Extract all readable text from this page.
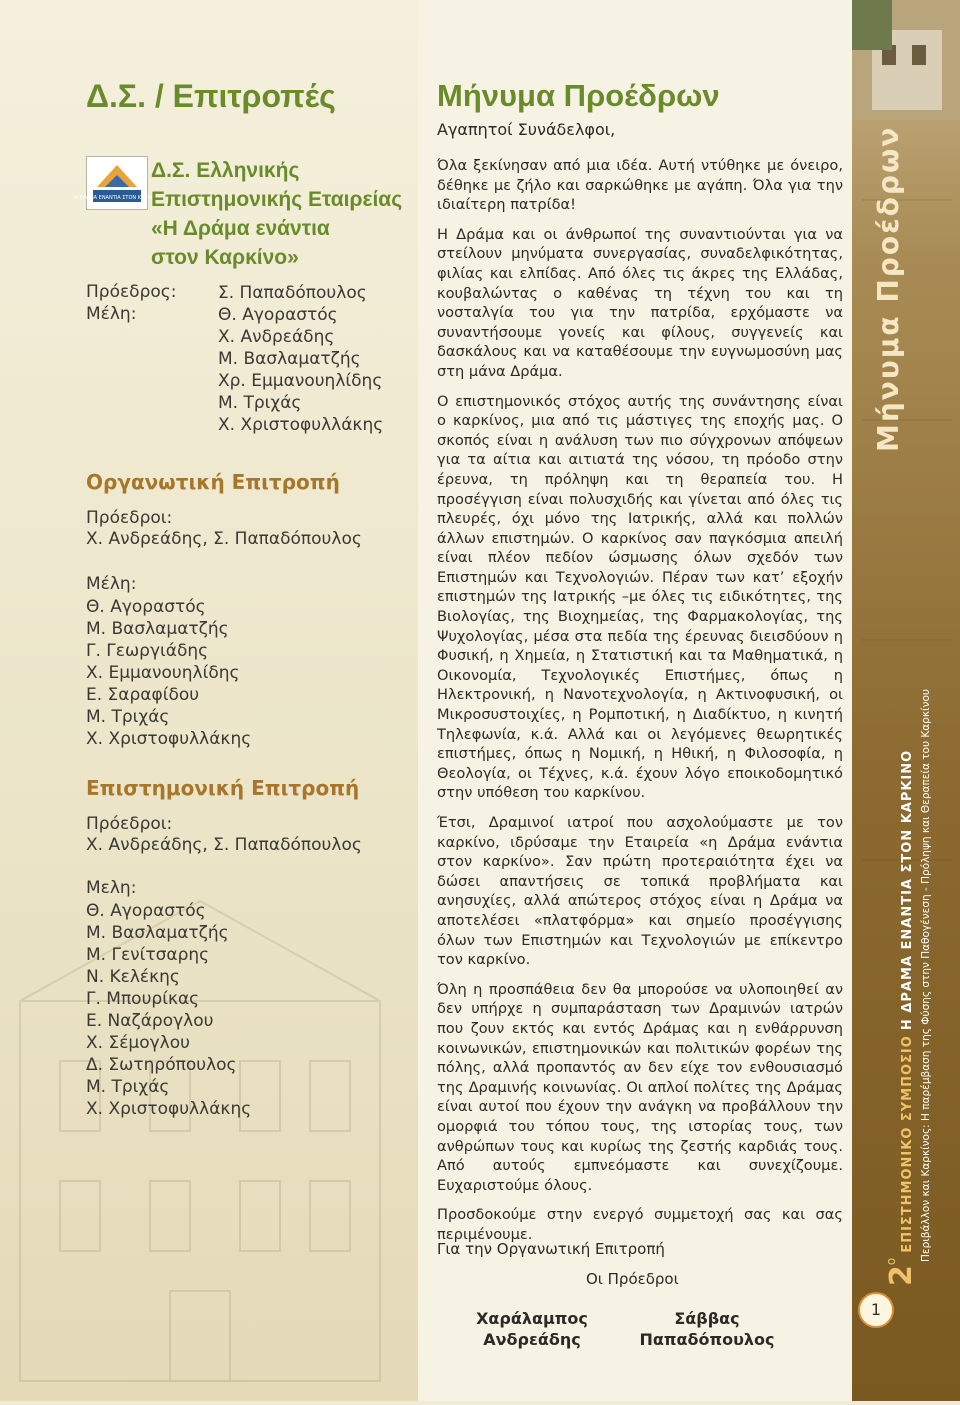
Δ.Σ. / Επιτροπές
Η ΔΡΑΜΑ ΕΝΑΝΤΙΑ ΣΤΟΝ ΚΑΡΚΙΝΟ
Δ.Σ. Ελληνικής
Επιστημονικής Εταιρείας
«Η Δράμα ενάντια
στον Καρκίνο»
Πρόεδρος: Σ. Παπαδόπουλος
Μέλη:	Θ. Αγοραστός
Χ. Ανδρεάδης
Μ. Βασλαματζής
Χρ. Εμμανουηλίδης
Μ. Τριχάς
Χ. Χριστοφυλλάκης
Οργανωτική Επιτροπή
Πρόεδροι:
Χ. Ανδρεάδης, Σ. Παπαδόπουλος
Μέλη:
Θ. Αγοραστός
Μ. Βασλαματζής
Γ. Γεωργιάδης
Χ. Εμμανουηλίδης
Ε. Σαραφίδου
Μ. Τριχάς
Χ. Χριστοφυλλάκης
Επιστημονική Επιτροπή
Πρόεδροι:
Χ. Ανδρεάδης, Σ. Παπαδόπουλος
Μελη:
Θ. Αγοραστός
Μ. Βασλαματζής
Μ. Γενίτσαρης
Ν. Κελέκης
Γ. Μπουρίκας
Ε. Ναζάρογλου
Χ. Σέμογλου
Δ. Σωτηρόπουλος
Μ. Τριχάς
Χ. Χριστοφυλλάκης
Μήνυμα Προέδρων
Αγαπητοί Συνάδελφοι,

Όλα ξεκίνησαν από μια ιδέα. Αυτή ντύθηκε με όνειρο, δέθηκε με ζήλο και σαρκώθηκε με αγάπη. Όλα για την ιδιαίτερη πατρίδα!

Η Δράμα και οι άνθρωποί της συναντιούνται για να στείλουν μηνύματα συνεργασίας, συναδελφικότητας, φιλίας και ελπίδας. Από όλες τις άκρες της Ελλάδας, κουβαλώντας ο καθένας τη τέχνη του και τη νοσταλγία του για την πατρίδα, ερχόμαστε να συναντήσουμε γονείς και φίλους, συγγενείς και δασκάλους και να καταθέσουμε την ευγνωμοσύνη μας στη μάνα Δράμα.

Ο επιστημονικός στόχος αυτής της συνάντησης είναι ο καρκίνος, μια από τις μάστιγες της εποχής μας. Ο σκοπός είναι η ανάλυση των πιο σύγχρονων απόψεων για τα αίτια και αιτιατά της νόσου, τη πρόοδο στην έρευνα, τη πρόληψη και τη θεραπεία του. Η προσέγγιση είναι πολυσχιδής και γίνεται από όλες τις πλευρές, όχι μόνο της Ιατρικής, αλλά και πολλών άλλων επιστημών. Ο καρκίνος σαν παγκόσμια απειλή είναι πλέον πεδίον ώσμωσης όλων σχεδόν των Επιστημών και Τεχνολογιών. Πέραν των κατ’ εξοχήν επιστημών της Ιατρικής –με όλες τις ειδικότητες, της Βιολογίας, της Βιοχημείας, της Φαρμακολογίας, της Ψυχολογίας, μέσα στα πεδία της έρευνας διεισδύουν η Φυσική, η Χημεία, η Στατιστική και τα Μαθηματικά, η Οικονομία, Τεχνολογικές Επιστήμες, όπως η Ηλεκτρονική, η Νανοτεχνολογία, η Ακτινοφυσική, οι Μικροσυστοιχίες, η Ρομποτική, η Διαδίκτυο, η κινητή Τηλεφωνία, κ.ά. Αλλά και οι λεγόμενες θεωρητικές επιστήμες, όπως η Νομική, η Ηθική, η Φιλοσοφία, η Θεολογία, οι Τέχνες, κ.ά. έχουν λόγο εποικοδομητικό στην υπόθεση του καρκίνου.

Έτσι, Δραμινοί ιατροί που ασχολούμαστε με τον καρκίνο, ιδρύσαμε την Εταιρεία «η Δράμα ενάντια στον καρκίνο». Σαν πρώτη προτεραιότητα έχει να δώσει απαντήσεις σε τοπικά προβλήματα και ανησυχίες, αλλά απώτερος στόχος είναι η Δράμα να αποτελέσει «πλατφόρμα» και σημείο προσέγγισης όλων των Επιστημών και Τεχνολογιών με επίκεντρο τον καρκίνο.

Όλη η προσπάθεια δεν θα μπορούσε να υλοποιηθεί αν δεν υπήρχε η συμπαράσταση των Δραμινών ιατρών που ζουν εκτός και εντός Δράμας και η ενθάρρυνση κοινωνικών, επιστημονικών και πολιτικών φορέων της πόλης, αλλά προπαντός αν δεν είχε τον ενθουσιασμό της Δραμινής κοινωνίας. Οι απλοί πολίτες της Δράμας είναι αυτοί που έχουν την ανάγκη να προβάλλουν την ομορφιά του τόπου τους, της ιστορίας τους, των ανθρώπων τους και κυρίως της ζεστής καρδιάς τους. Από αυτούς εμπνεόμαστε και συνεχίζουμε. Ευχαριστούμε όλους.

Προσδοκούμε στην ενεργό συμμετοχή σας και σας περιμένουμε.

Για την Οργανωτική Επιτροπή
Οι Πρόεδροι
Χαράλαμπος
Ανδρεάδης
Σάββας
Παπαδόπουλος
Μήνυμα Προέδρων
$2^o$ ΕΠΙΣΤΗΜΟΝΙΚΟ ΣΥΜΠΟΣΙΟ Η ΔΡΑΜΑ ΕΝΑΝΤΙΑ ΣΤΟΝ ΚΑΡΚΙΝΟ Περιβάλλον και Καρκίνος: Η παρέμβαση της Φύσης στην Παθογένεση - Πρόληψη και Θεραπεία του Καρκίνου
1
